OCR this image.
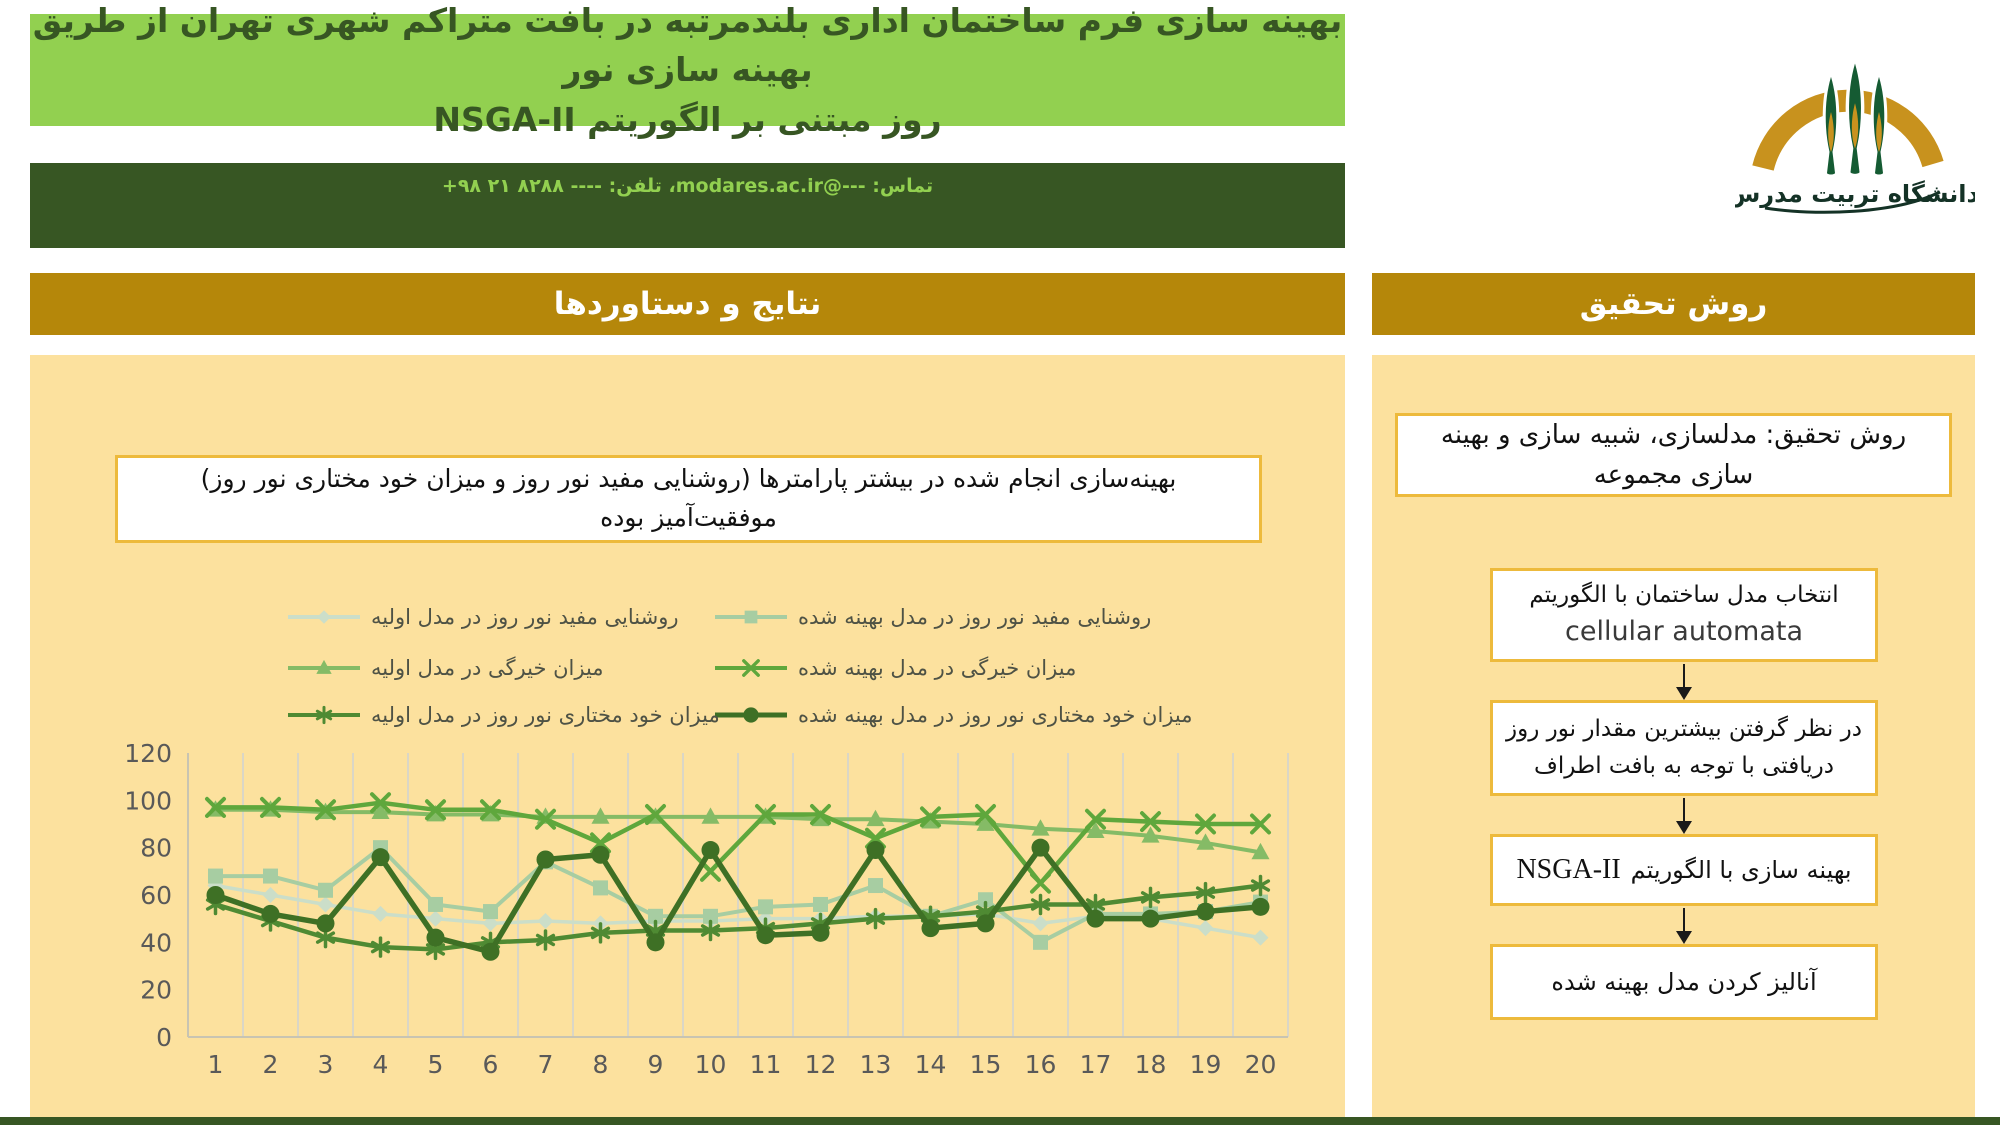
بهینه سازی فرم ساختمان اداری بلندمرتبه در بافت متراکم شهری تهران از طریق بهینه سازی نور
روز مبتنی بر الگوریتم NSGA-II
تماس: ---@modares.ac.ir، تلفن: ---- ۸۲۸۸ ۲۱ ۹۸+	دانشگاه تربیت مدرس
نتایج و دستاوردها	روش تحقیق
بهینه‌سازی انجام شده در بیشتر پارامترها (روشنایی مفید نور روز و میزان خود مختاری نور روز)
موفقیت‌آمیز بوده
روشنایی مفید نور روز در مدل بهینه شده
روشنایی مفید نور روز در مدل اولیه
میزان خیرگی در مدل بهینه شده
میزان خیرگی در مدل اولیه
میزان خود مختاری نور روز در مدل بهینه شده
میزان خود مختاری نور روز در مدل اولیه
0
20
40
60
80
100
120
1 2 3 4 5 6 7 8 9 10 11 12 13 14 15 16 17 18 19 20
روش تحقیق: مدلسازی، شبیه سازی و بهینه سازی مجموعه
انتخاب مدل ساختمان با الگوریتم
cellular automata
در نظر گرفتن بیشترین مقدار نور روز
دریافتی با توجه به بافت اطراف
بهینه سازی با الگوریتم
NSGA-II
آنالیز کردن مدل بهینه شده
